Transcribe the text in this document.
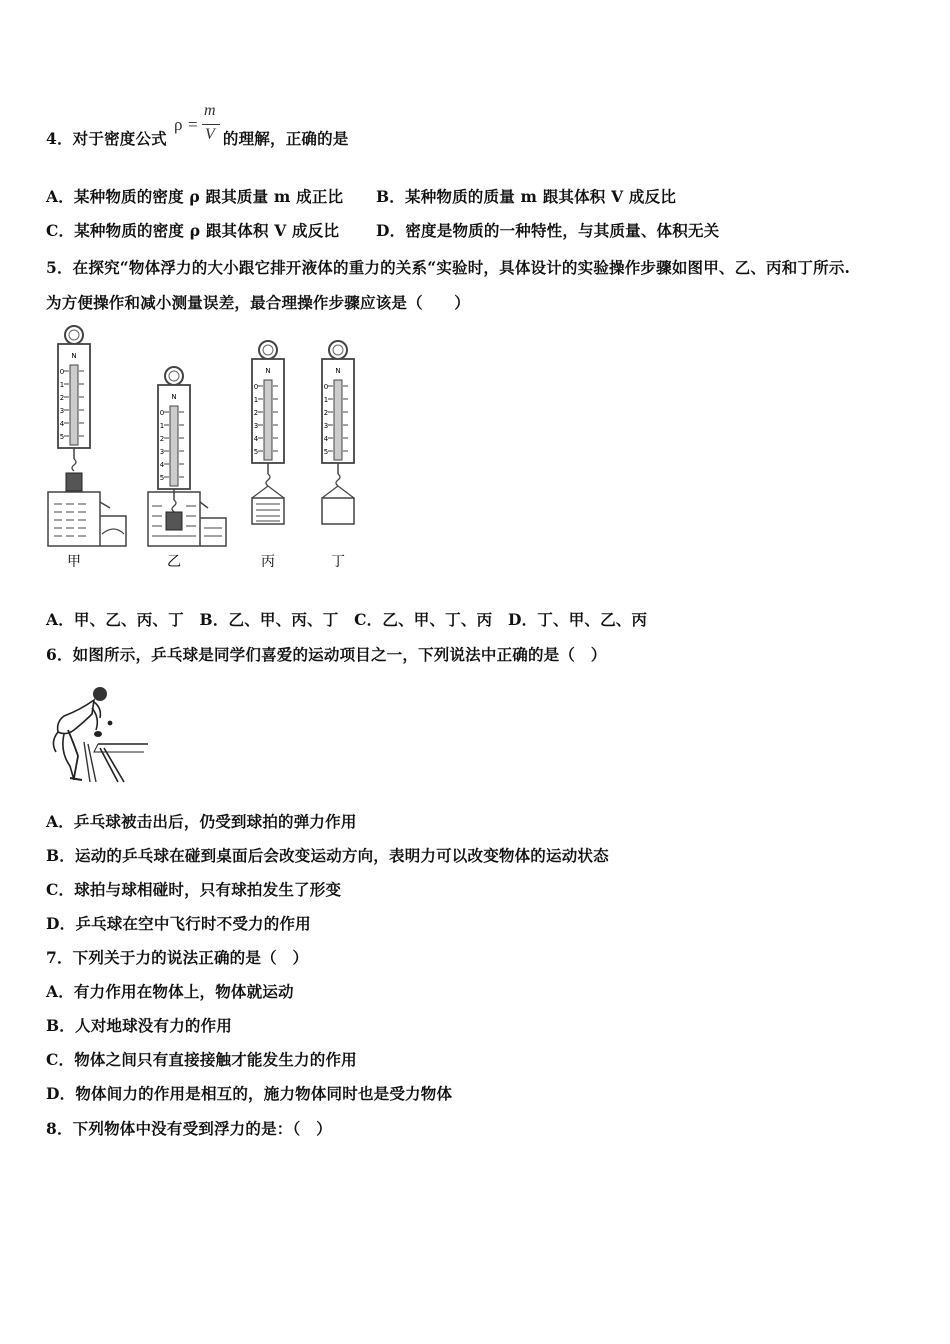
4．对于密度公式	的理解，正确的是
ρ =
m
V
A．某种物质的密度 ρ 跟其质量 m 成正比 B．某种物质的质量 m 跟其体积 V 成反比
C．某种物质的密度 ρ 跟其体积 V 成反比 D．密度是物质的一种特性，与其质量、体积无关
5．在探究“物体浮力的大小跟它排开液体的重力的关系“实验时，具体设计的实验操作步骤如图甲、乙、丙和丁所示.
为方便操作和减小测量误差，最合理操作步骤应该是（　　）
N
0
1
2
3
4
5
甲
N
0
1
2
3
4
5
乙
N
0
1
2
3
4
5
丙
N
0
1
2
3
4
5
丁
A．甲、乙、丙、丁　B．乙、甲、丙、丁　C．乙、甲、丁、丙　D．丁、甲、乙、丙
6．如图所示，乒乓球是同学们喜爱的运动项目之一，下列说法中正确的是（　）
A．乒乓球被击出后，仍受到球拍的弹力作用
B．运动的乒乓球在碰到桌面后会改变运动方向，表明力可以改变物体的运动状态
C．球拍与球相碰时，只有球拍发生了形变
D．乒乓球在空中飞行时不受力的作用
7．下列关于力的说法正确的是（　）
A．有力作用在物体上，物体就运动
B．人对地球没有力的作用
C．物体之间只有直接接触才能发生力的作用
D．物体间力的作用是相互的，施力物体同时也是受力物体
8．下列物体中没有受到浮力的是：（　）
